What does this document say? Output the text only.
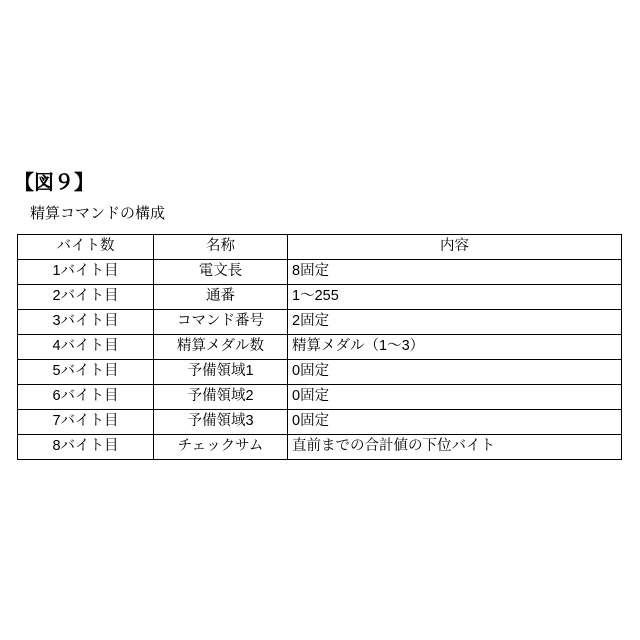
【図９】
精算コマンドの構成
バイト数	名称	内容
1バイト目	電文長	8固定
2バイト目	通番	1〜255
3バイト目	コマンド番号	2固定
4バイト目	精算メダル数	精算メダル（1〜3）
5バイト目	予備領域1	0固定
6バイト目	予備領域2	0固定
7バイト目	予備領域3	0固定
8バイト目	チェックサム	直前までの合計値の下位バイト
